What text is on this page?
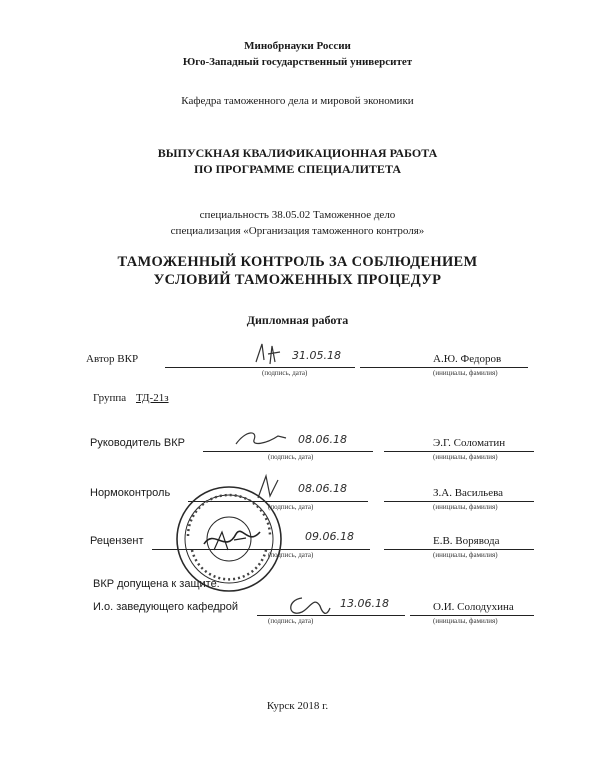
Минобрнауки России
Юго-Западный государственный университет
Кафедра таможенного дела и мировой экономики
ВЫПУСКНАЯ КВАЛИФИКАЦИОННАЯ РАБОТА
ПО ПРОГРАММЕ СПЕЦИАЛИТЕТА
специальность 38.05.02 Таможенное дело
специализация «Организация таможенного контроля»
ТАМОЖЕННЫЙ КОНТРОЛЬ ЗА СОБЛЮДЕНИЕМ
УСЛОВИЙ ТАМОЖЕННЫХ ПРОЦЕДУР
Дипломная работа
Автор ВКР	31.05.18
(подпись, дата)
А.Ю. Федоров
(инициалы, фамилия)
Группа ТД-21з
Руководитель ВКР	08.06.18
(подпись, дата)
Э.Г. Соломатин
(инициалы, фамилия)
Нормоконтроль	08.06.18
(подпись, дата)
З.А. Васильева
(инициалы, фамилия)
Рецензент	09.06.18
(подпись, дата)
Е.В. Ворявода
(инициалы, фамилия)
ВКР допущена к защите:
И.о. заведующего кафедрой	13.06.18
(подпись, дата)
О.И. Солодухина
(инициалы, фамилия)
Курск 2018 г.
